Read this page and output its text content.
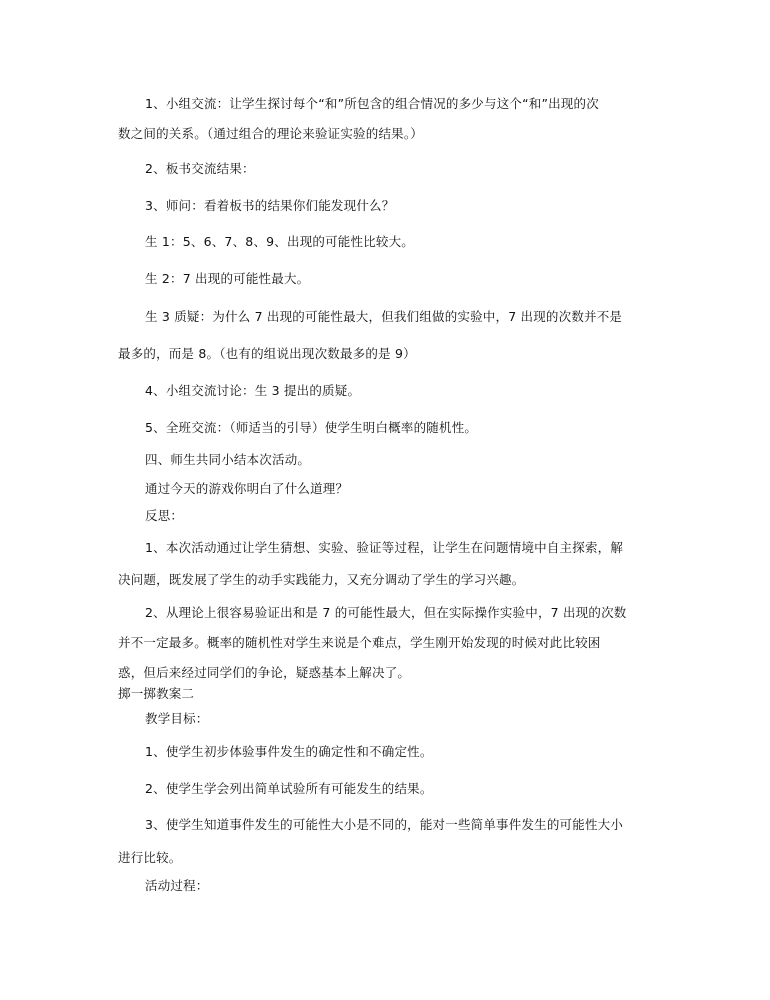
1、小组交流：让学生探讨每个“和”所包含的组合情况的多少与这个“和”出现的次
数之间的关系。（通过组合的理论来验证实验的结果。）
2、板书交流结果：
3、师问：看着板书的结果你们能发现什么？
生 1：5、6、7、8、9、出现的可能性比较大。
生 2：7 出现的可能性最大。
生 3 质疑：为什么 7 出现的可能性最大，但我们组做的实验中，7 出现的次数并不是
最多的，而是 8。（也有的组说出现次数最多的是 9）
4、小组交流讨论：生 3 提出的质疑。
5、全班交流：（师适当的引导）使学生明白概率的随机性。
四、师生共同小结本次活动。
通过今天的游戏你明白了什么道理？
反思：
1、本次活动通过让学生猜想、实验、验证等过程，让学生在问题情境中自主探索，解
决问题，既发展了学生的动手实践能力，又充分调动了学生的学习兴趣。
2、从理论上很容易验证出和是 7 的可能性最大，但在实际操作实验中，7 出现的次数
并不一定最多。概率的随机性对学生来说是个难点，学生刚开始发现的时候对此比较困
惑，但后来经过同学们的争论，疑惑基本上解决了。
掷一掷教案二
教学目标：
1、使学生初步体验事件发生的确定性和不确定性。
2、使学生学会列出简单试验所有可能发生的结果。
3、使学生知道事件发生的可能性大小是不同的，能对一些简单事件发生的可能性大小
进行比较。
活动过程：
